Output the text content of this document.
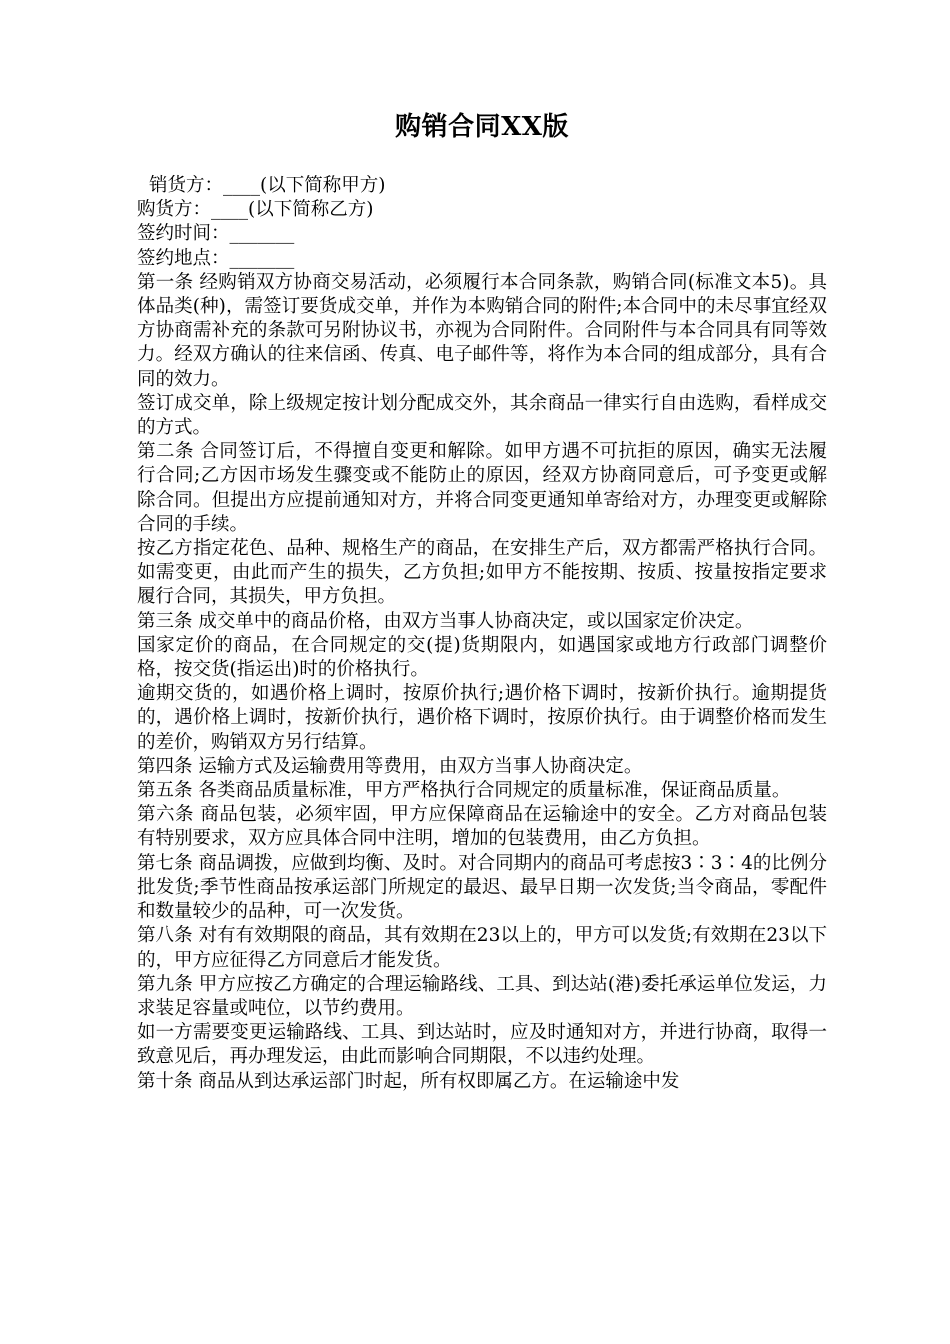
购销合同XX版

销货方：____(以下简称甲方)

购货方：____(以下简称乙方)

签约时间：_______

签约地点：_______

第一条 经购销双方协商交易活动，必须履行本合同条款，购销合同(标准文本5)。具体品类(种)，需签订要货成交单，并作为本购销合同的附件;本合同中的未尽事宜经双方协商需补充的条款可另附协议书，亦视为合同附件。合同附件与本合同具有同等效力。经双方确认的往来信函、传真、电子邮件等，将作为本合同的组成部分，具有合同的效力。

签订成交单，除上级规定按计划分配成交外，其余商品一律实行自由选购，看样成交的方式。

第二条 合同签订后，不得擅自变更和解除。如甲方遇不可抗拒的原因，确实无法履行合同;乙方因市场发生骤变或不能防止的原因，经双方协商同意后，可予变更或解除合同。但提出方应提前通知对方，并将合同变更通知单寄给对方，办理变更或解除合同的手续。

按乙方指定花色、品种、规格生产的商品，在安排生产后，双方都需严格执行合同。如需变更，由此而产生的损失，乙方负担;如甲方不能按期、按质、按量按指定要求履行合同，其损失，甲方负担。

第三条 成交单中的商品价格，由双方当事人协商决定，或以国家定价决定。

国家定价的商品，在合同规定的交(提)货期限内，如遇国家或地方行政部门调整价格，按交货(指运出)时的价格执行。

逾期交货的，如遇价格上调时，按原价执行;遇价格下调时，按新价执行。逾期提货的，遇价格上调时，按新价执行，遇价格下调时，按原价执行。由于调整价格而发生的差价，购销双方另行结算。

第四条 运输方式及运输费用等费用，由双方当事人协商决定。

第五条 各类商品质量标准，甲方严格执行合同规定的质量标准，保证商品质量。

第六条 商品包装，必须牢固，甲方应保障商品在运输途中的安全。乙方对商品包装有特别要求，双方应具体合同中注明，增加的包装费用，由乙方负担。

第七条 商品调拨，应做到均衡、及时。对合同期内的商品可考虑按3∶3∶4的比例分批发货;季节性商品按承运部门所规定的最迟、最早日期一次发货;当令商品，零配件和数量较少的品种，可一次发货。

第八条 对有有效期限的商品，其有效期在23以上的，甲方可以发货;有效期在23以下的，甲方应征得乙方同意后才能发货。

第九条 甲方应按乙方确定的合理运输路线、工具、到达站(港)委托承运单位发运，力求装足容量或吨位，以节约费用。

如一方需要变更运输路线、工具、到达站时，应及时通知对方，并进行协商，取得一致意见后，再办理发运，由此而影响合同期限，不以违约处理。

第十条 商品从到达承运部门时起，所有权即属乙方。在运输途中发
